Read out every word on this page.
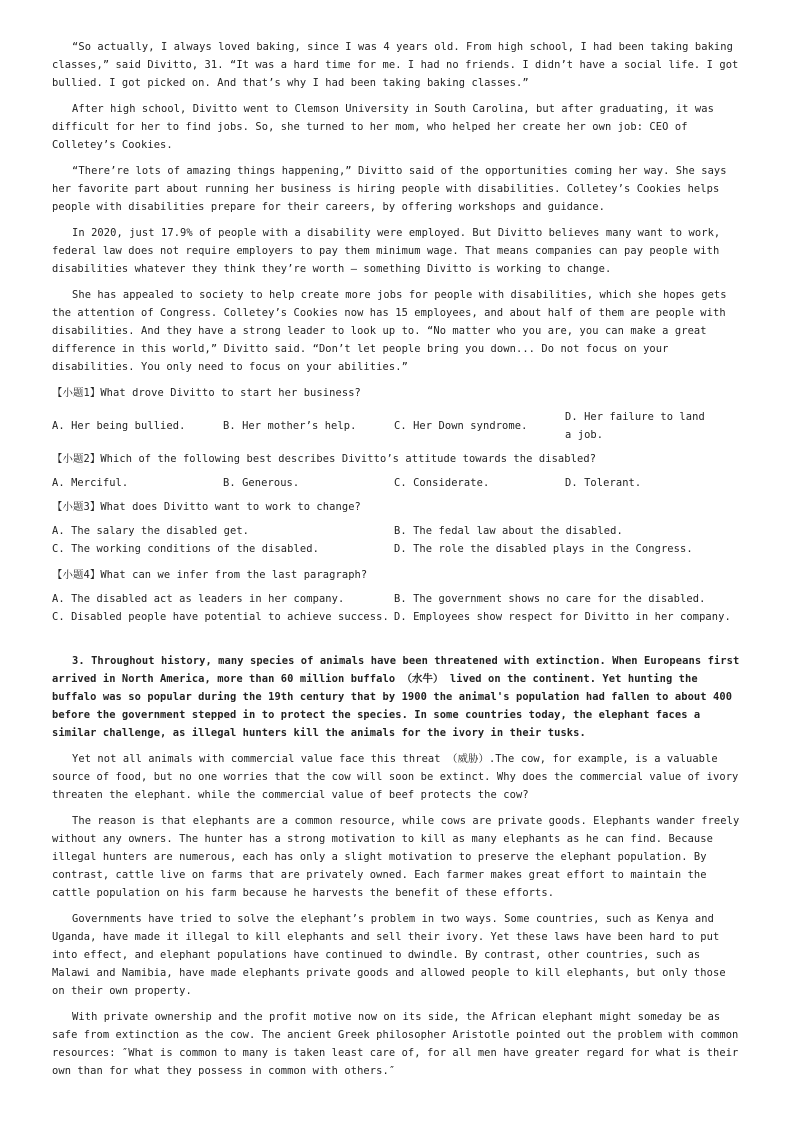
“So actually, I always loved baking, since I was 4 years old. From high school, I had been taking baking classes,” said Divitto, 31. “It was a hard time for me. I had no friends. I didn’t have a social life. I got bullied. I got picked on. And that’s why I had been taking baking classes.”

After high school, Divitto went to Clemson University in South Carolina, but after graduating, it was difficult for her to find jobs. So, she turned to her mom, who helped her create her own job: CEO of Colletey’s Cookies.

“There’re lots of amazing things happening,” Divitto said of the opportunities coming her way. She says her favorite part about running her business is hiring people with disabilities. Colletey’s Cookies helps people with disabilities prepare for their careers, by offering workshops and guidance.

In 2020, just 17.9% of people with a disability were employed. But Divitto believes many want to work, federal law does not require employers to pay them minimum wage. That means companies can pay people with disabilities whatever they think they’re worth — something Divitto is working to change.

She has appealed to society to help create more jobs for people with disabilities, which she hopes gets the attention of Congress. Colletey’s Cookies now has 15 employees, and about half of them are people with disabilities. And they have a strong leader to look up to. “No matter who you are, you can make a great difference in this world,” Divitto said. “Don’t let people bring you down... Do not focus on your disabilities. You only need to focus on your abilities.”

【小题1】What drove Divitto to start her business?
A. Her being bullied.	B. Her mother’s help.	C. Her Down syndrome.
D. Her failure to land a job.
【小题2】Which of the following best describes Divitto’s attitude towards the disabled?
A. Merciful.	B. Generous.	C. Considerate.	D. Tolerant.
【小题3】What does Divitto want to work to change?
A. The salary the disabled get.	B. The fedal law about the disabled.
C. The working conditions of the disabled.	D. The role the disabled plays in the Congress.
【小题4】What can we infer from the last paragraph?
A. The disabled act as leaders in her company.	B. The government shows no care for the disabled.
C. Disabled people have potential to achieve success. D. Employees show respect for Divitto in her company.

3. Throughout history, many species of animals have been threatened with extinction. When Europeans first arrived in North America, more than 60 million buffalo （水牛） lived on the continent. Yet hunting the buffalo was so popular during the 19th century that by 1900 the animal's population had fallen to about 400 before the government stepped in to protect the species. In some countries today, the elephant faces a similar challenge, as illegal hunters kill the animals for the ivory in their tusks.

Yet not all animals with commercial value face this threat （威胁）.The cow, for example, is a valuable source of food, but no one worries that the cow will soon be extinct. Why does the commercial value of ivory threaten the elephant. while the commercial value of beef protects the cow?

The reason is that elephants are a common resource, while cows are private goods. Elephants wander freely without any owners. The hunter has a strong motivation to kill as many elephants as he can find. Because illegal hunters are numerous, each has only a slight motivation to preserve the elephant population. By contrast, cattle live on farms that are privately owned. Each farmer makes great effort to maintain the cattle population on his farm because he harvests the benefit of these efforts.

Governments have tried to solve the elephant’s problem in two ways. Some countries, such as Kenya and Uganda, have made it illegal to kill elephants and sell their ivory. Yet these laws have been hard to put into effect, and elephant populations have continued to dwindle. By contrast, other countries, such as Malawi and Namibia, have made elephants private goods and allowed people to kill elephants, but only those on their own property.

With private ownership and the profit motive now on its side, the African elephant might someday be as safe from extinction as the cow. The ancient Greek philosopher Aristotle pointed out the problem with common resources: ″What is common to many is taken least care of, for all men have greater regard for what is their own than for what they possess in common with others.″
